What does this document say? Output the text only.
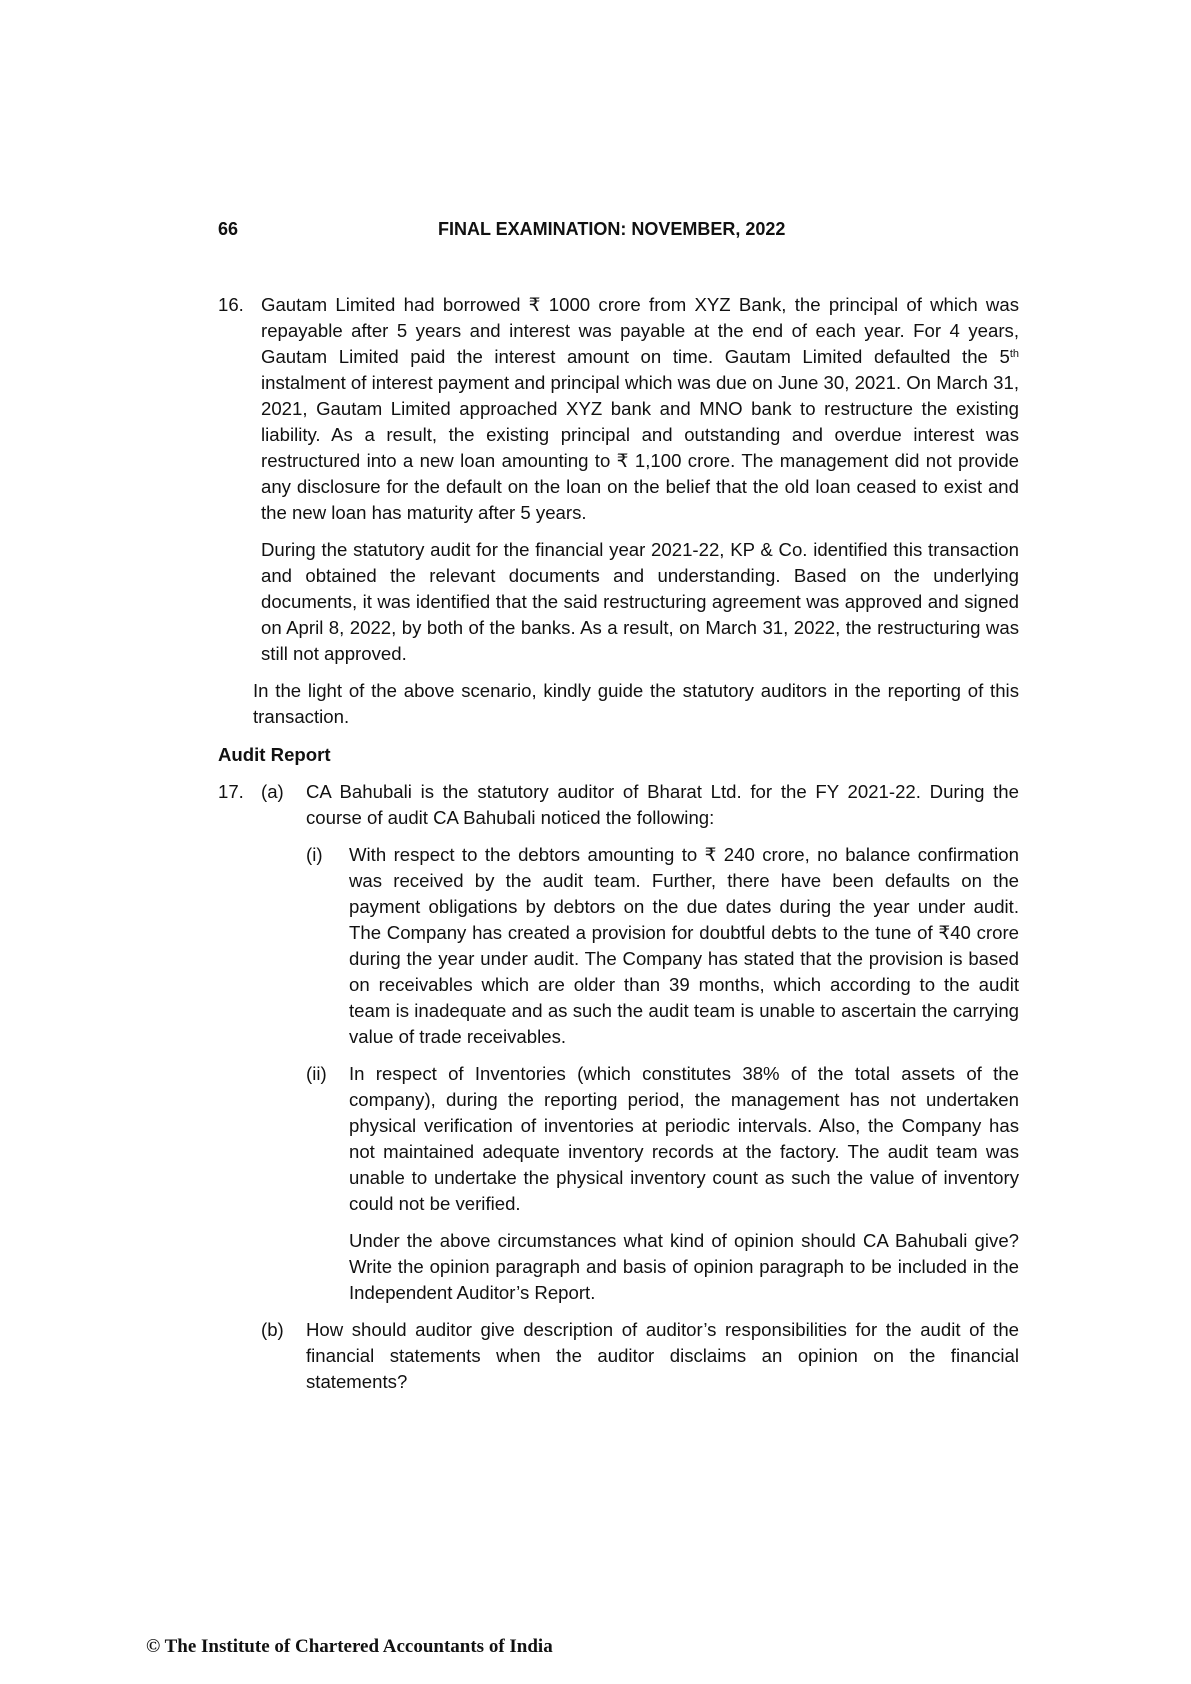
66	FINAL EXAMINATION: NOVEMBER, 2022
16. Gautam Limited had borrowed ₹ 1000 crore from XYZ Bank, the principal of which was repayable after 5 years and interest was payable at the end of each year. For 4 years, Gautam Limited paid the interest amount on time. Gautam Limited defaulted the 5th instalment of interest payment and principal which was due on June 30, 2021. On March 31, 2021, Gautam Limited approached XYZ bank and MNO bank to restructure the existing liability. As a result, the existing principal and outstanding and overdue interest was restructured into a new loan amounting to ₹ 1,100 crore. The management did not provide any disclosure for the default on the loan on the belief that the old loan ceased to exist and the new loan has maturity after 5 years.

During the statutory audit for the financial year 2021-22, KP & Co. identified this transaction and obtained the relevant documents and understanding. Based on the underlying documents, it was identified that the said restructuring agreement was approved and signed on April 8, 2022, by both of the banks. As a result, on March 31, 2022, the restructuring was still not approved.

In the light of the above scenario, kindly guide the statutory auditors in the reporting of this transaction.

Audit Report
17. (a) CA Bahubali is the statutory auditor of Bharat Ltd. for the FY 2021-22. During the course of audit CA Bahubali noticed the following:

(i) With respect to the debtors amounting to ₹ 240 crore, no balance confirmation was received by the audit team. Further, there have been defaults on the payment obligations by debtors on the due dates during the year under audit. The Company has created a provision for doubtful debts to the tune of ₹40 crore during the year under audit. The Company has stated that the provision is based on receivables which are older than 39 months, which according to the audit team is inadequate and as such the audit team is unable to ascertain the carrying value of trade receivables.

(ii) In respect of Inventories (which constitutes 38% of the total assets of the company), during the reporting period, the management has not undertaken physical verification of inventories at periodic intervals. Also, the Company has not maintained adequate inventory records at the factory. The audit team was unable to undertake the physical inventory count as such the value of inventory could not be verified.

Under the above circumstances what kind of opinion should CA Bahubali give? Write the opinion paragraph and basis of opinion paragraph to be included in the Independent Auditor’s Report.

(b) How should auditor give description of auditor’s responsibilities for the audit of the financial statements when the auditor disclaims an opinion on the financial statements?

© The Institute of Chartered Accountants of India
